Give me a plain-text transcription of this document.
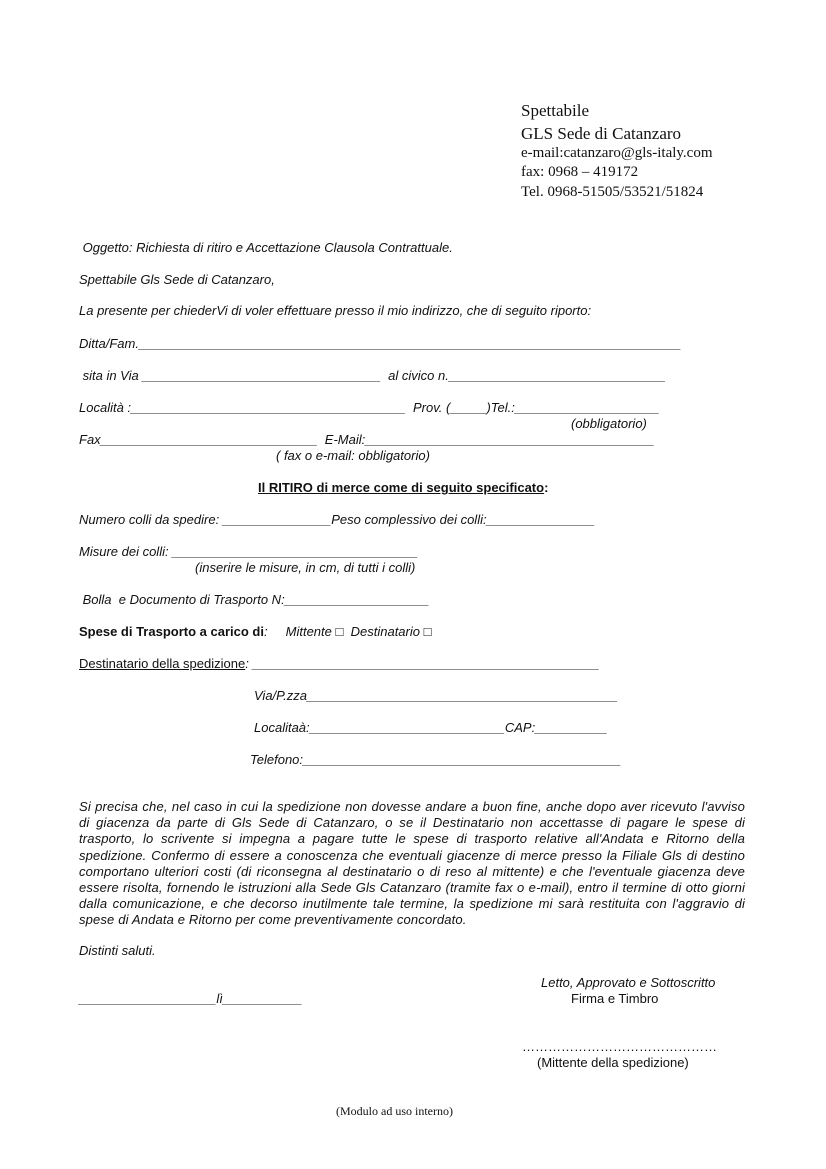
Spettabile
GLS Sede di Catanzaro
e-mail:catanzaro@gls-italy.com
fax: 0968 – 419172
Tel. 0968-51505/53521/51824
Oggetto: Richiesta di ritiro e Accettazione Clausola Contrattuale.
Spettabile Gls Sede di Catanzaro,
La presente per chiederVi di voler effettuare presso il mio indirizzo, che di seguito riporto:
Ditta/Fam.___________________________________________________________________________
sita in Via _________________________________  al civico n.______________________________
Località :______________________________________  Prov. (_____)Tel.:____________________
(obbligatorio)
Fax______________________________  E-Mail:________________________________________
( fax o e-mail: obbligatorio)
Il RITIRO di merce come di seguito specificato:
Numero colli da spedire: _______________Peso complessivo dei colli:_______________
Misure dei colli: __________________________________
(inserire le misure, in cm, di tutti i colli)
Bolla  e Documento di Trasporto N:____________________
Spese di Trasporto a carico di: Mittente □ Destinatario □
Destinatario della spedizione: ________________________________________________
Via/P.zza___________________________________________
Localitaà:___________________________CAP:__________
Telefono:____________________________________________
Si precisa che, nel caso in cui la spedizione non dovesse andare a buon fine, anche dopo aver ricevuto l'avviso di giacenza da parte di Gls Sede di Catanzaro, o se il Destinatario non accettasse di pagare le spese di trasporto, lo scrivente si impegna a pagare tutte le spese di trasporto relative all'Andata e Ritorno della spedizione. Confermo di essere a conoscenza che eventuali giacenze di merce presso la Filiale Gls di destino comportano ulteriori costi (di riconsegna al destinatario o di reso al mittente) e che l'eventuale giacenza deve essere risolta, fornendo le istruzioni alla Sede Gls Catanzaro (tramite fax o e-mail), entro il termine di otto giorni dalla comunicazione, e che decorso inutilmente tale termine, la spedizione mi sarà restituita con l'aggravio di spese di Andata e Ritorno per come preventivamente concordato.
Distinti saluti.
Letto, Approvato e Sottoscritto
Firma e Timbro
___________________lì___________
………………………………………
(Mittente della spedizione)
(Modulo ad uso interno)
